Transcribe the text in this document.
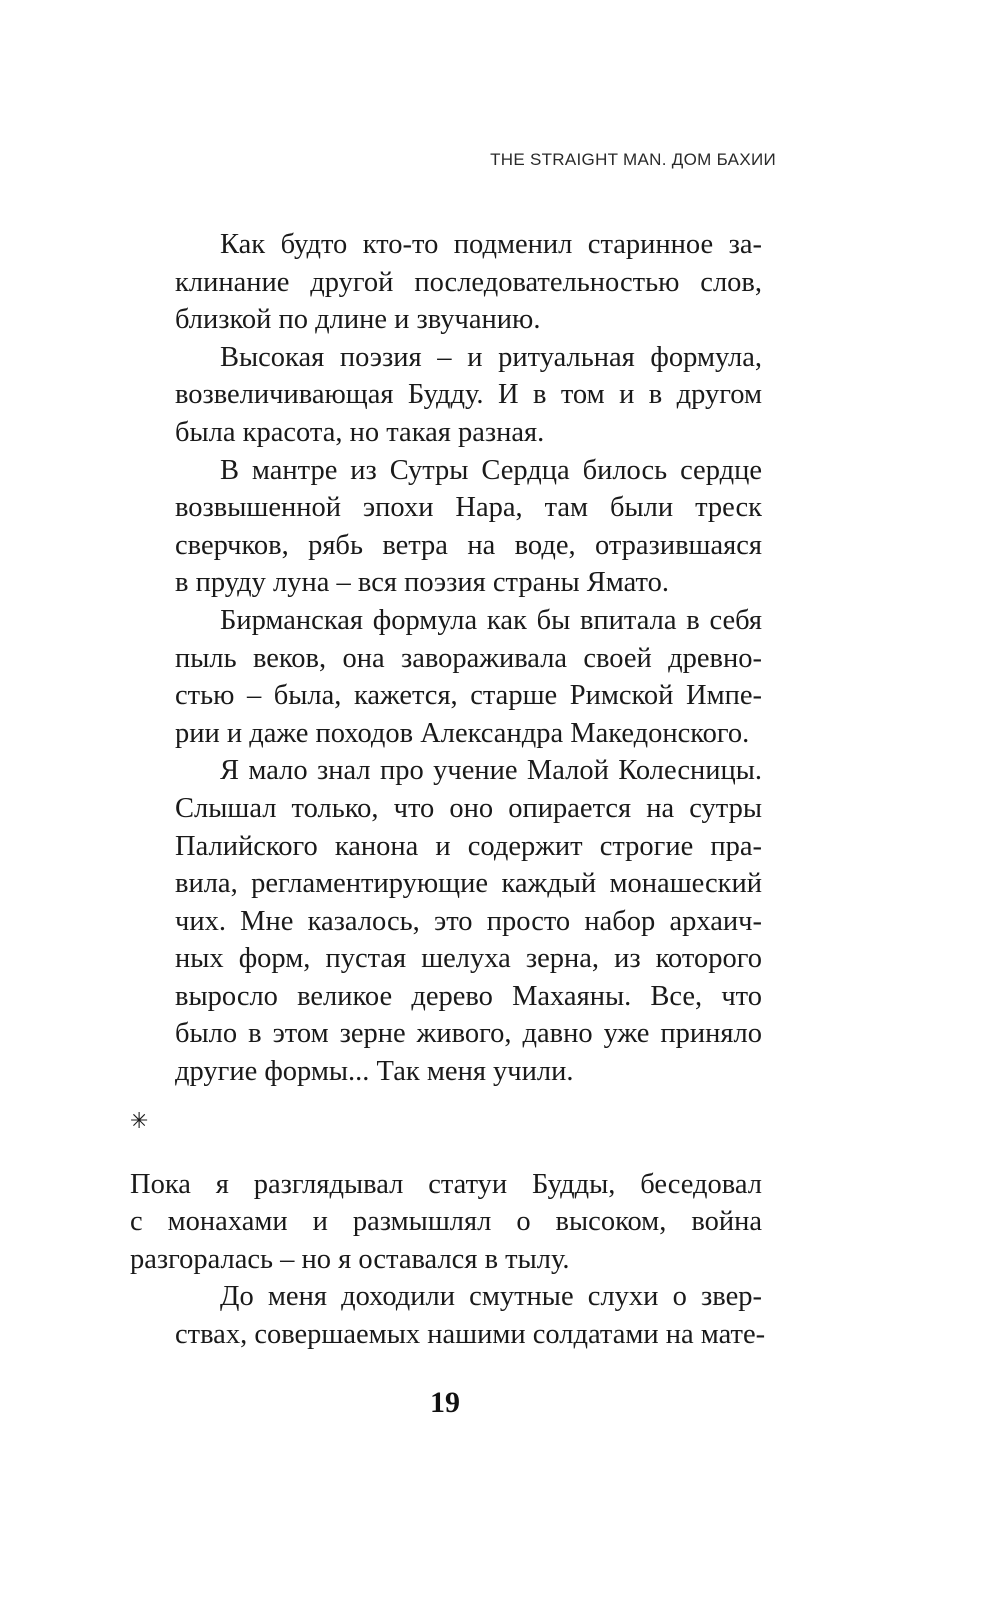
THE STRAIGHT MAN. ДОМ БАХИИ

Как будто кто-то подменил старинное за-
клинание другой последовательностью слов,
близкой по длине и звучанию.

Высокая поэзия – и ритуальная формула,
возвеличивающая Будду. И в том и в другом
была красота, но такая разная.

В мантре из Сутры Сердца билось сердце
возвышенной эпохи Нара, там были треск
сверчков, рябь ветра на воде, отразившаяся
в пруду луна – вся поэзия страны Ямато.

Бирманская формула как бы впитала в себя
пыль веков, она завораживала своей древно-
стью – была, кажется, старше Римской Импе-
рии и даже походов Александра Македонского.

Я мало знал про учение Малой Колесницы.
Слышал только, что оно опирается на сутры
Палийского канона и содержит строгие пра-
вила, регламентирующие каждый монашеский
чих. Мне казалось, это просто набор архаич-
ных форм, пустая шелуха зерна, из которого
выросло великое дерево Махаяны. Все, что
было в этом зерне живого, давно уже приняло
другие формы... Так меня учили.

✳

Пока я разглядывал статуи Будды, беседовал
с монахами и размышлял о высоком, война
разгоралась – но я оставался в тылу.

До меня доходили смутные слухи о звер-
ствах, совершаемых нашими солдатами на мате-

19
